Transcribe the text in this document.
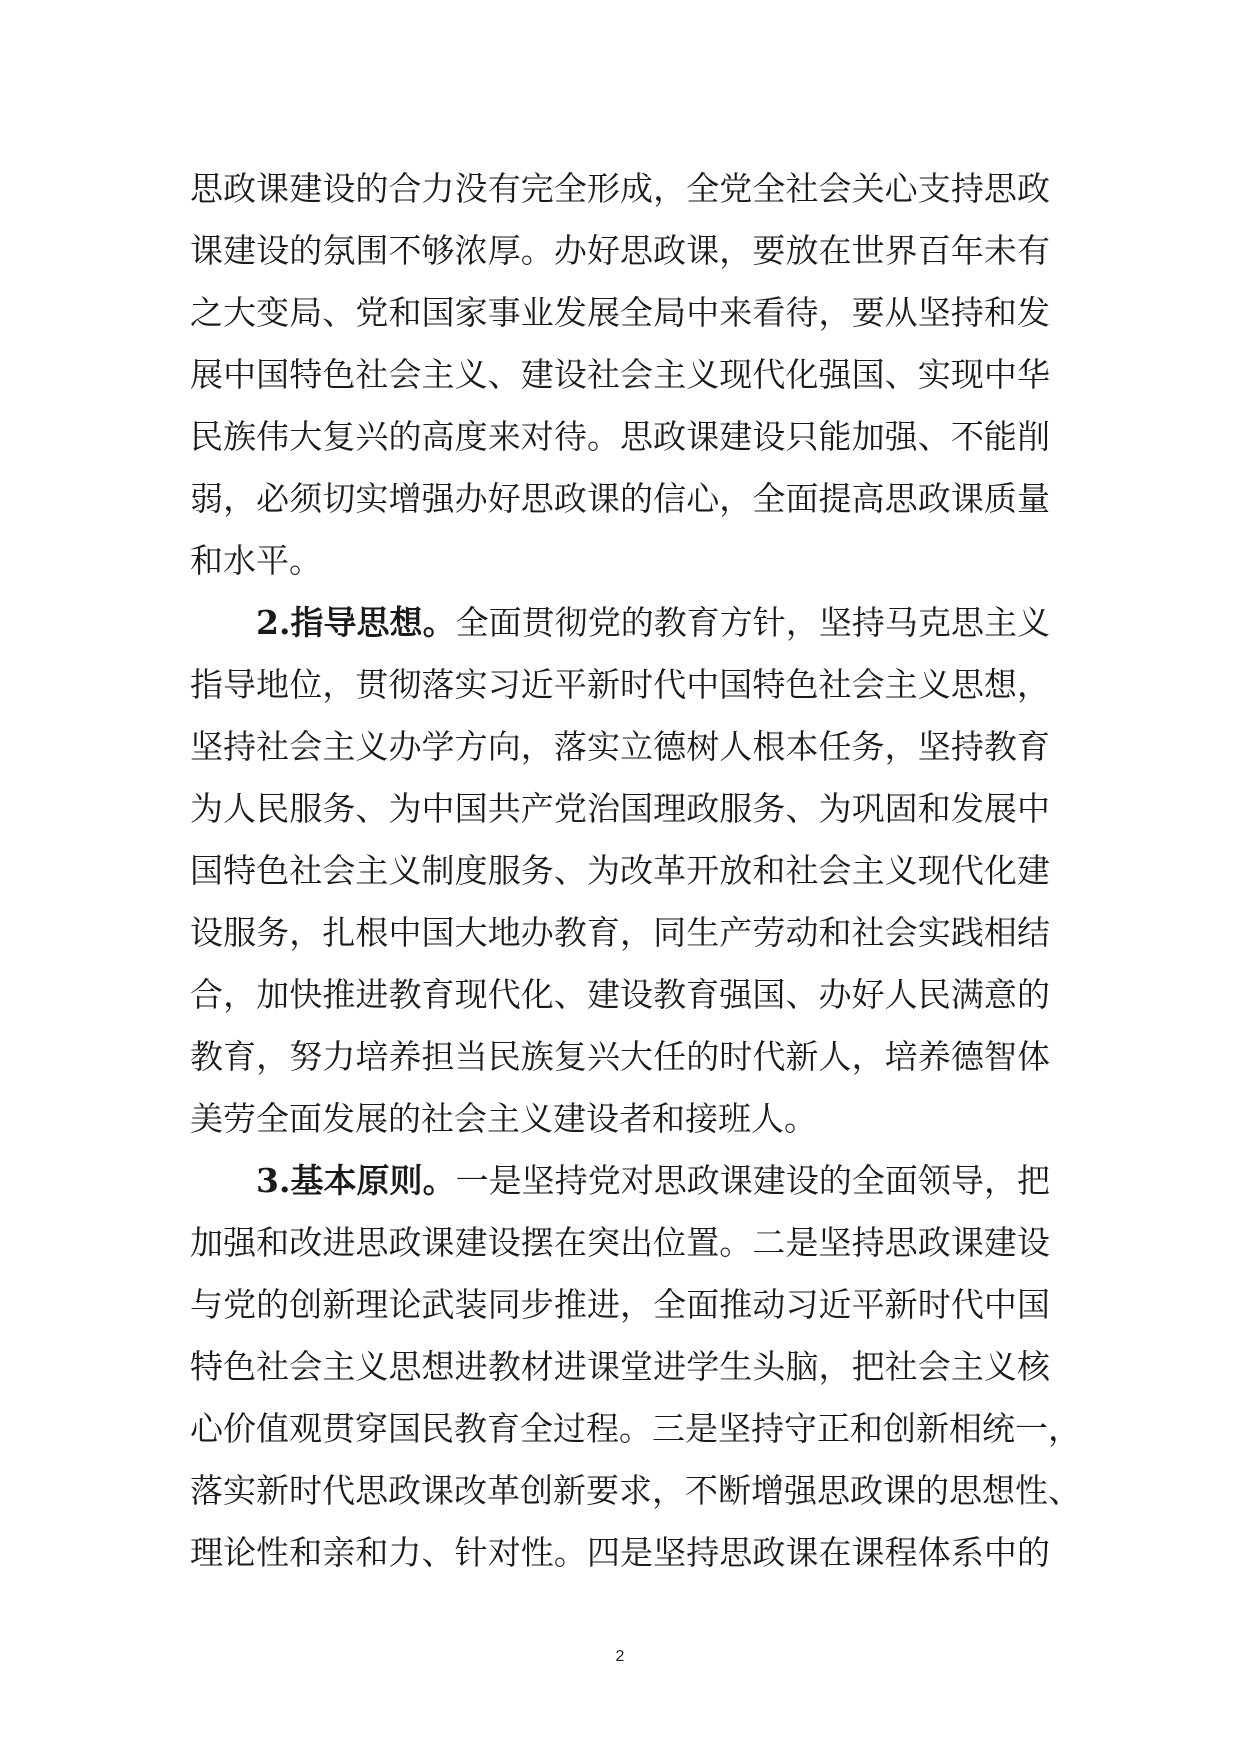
思政课建设的合力没有完全形成，全党全社会关心支持思政
课建设的氛围不够浓厚。办好思政课，要放在世界百年未有
之大变局、党和国家事业发展全局中来看待，要从坚持和发
展中国特色社会主义、建设社会主义现代化强国、实现中华
民族伟大复兴的高度来对待。思政课建设只能加强、不能削
弱，必须切实增强办好思政课的信心，全面提高思政课质量
和水平。
2.指导思想。全面贯彻党的教育方针，坚持马克思主义
指导地位，贯彻落实习近平新时代中国特色社会主义思想，
坚持社会主义办学方向，落实立德树人根本任务，坚持教育
为人民服务、为中国共产党治国理政服务、为巩固和发展中
国特色社会主义制度服务、为改革开放和社会主义现代化建
设服务，扎根中国大地办教育，同生产劳动和社会实践相结
合，加快推进教育现代化、建设教育强国、办好人民满意的
教育，努力培养担当民族复兴大任的时代新人，培养德智体
美劳全面发展的社会主义建设者和接班人。
3.基本原则。一是坚持党对思政课建设的全面领导，把
加强和改进思政课建设摆在突出位置。二是坚持思政课建设
与党的创新理论武装同步推进，全面推动习近平新时代中国
特色社会主义思想进教材进课堂进学生头脑，把社会主义核
心价值观贯穿国民教育全过程。三是坚持守正和创新相统一，
落实新时代思政课改革创新要求，不断增强思政课的思想性、
理论性和亲和力、针对性。四是坚持思政课在课程体系中的
2
